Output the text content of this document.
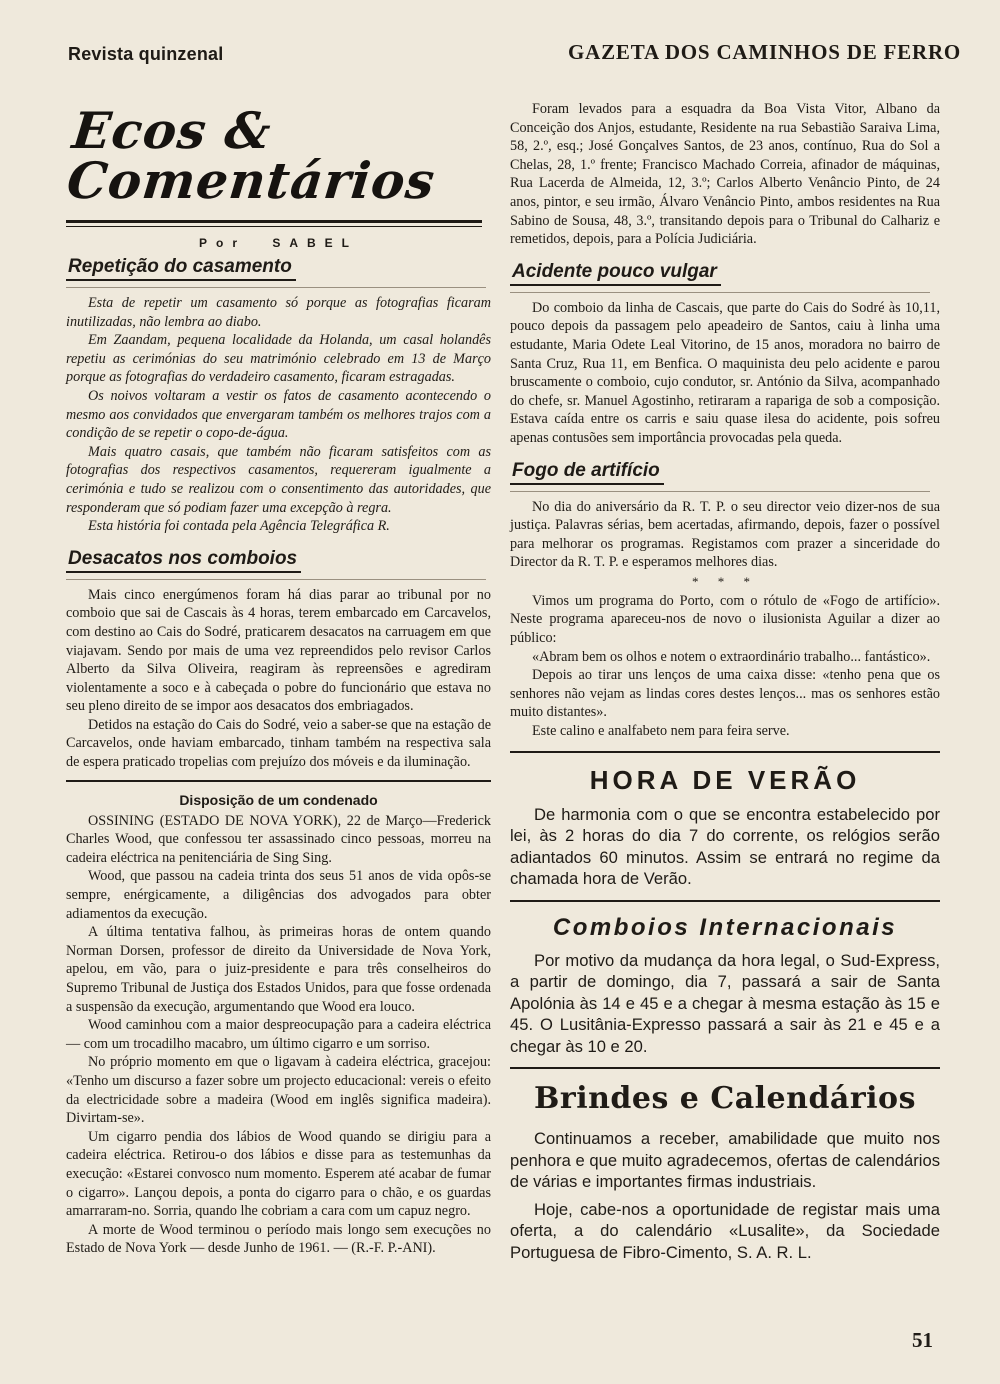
Revista quinzenal	GAZETA DOS CAMINHOS DE FERRO
Ecos & Comentários
Por SABEL
Repetição do casamento

Esta de repetir um casamento só porque as fotografias ficaram inutilizadas, não lembra ao diabo.

Em Zaandam, pequena localidade da Holanda, um casal holandês repetiu as cerimónias do seu matrimónio celebrado em 13 de Março porque as fotografias do verdadeiro casamento, ficaram estragadas.

Os noivos voltaram a vestir os fatos de casamento acontecendo o mesmo aos convidados que envergaram também os melhores trajos com a condição de se repetir o copo-de-água.

Mais quatro casais, que também não ficaram satisfeitos com as fotografias dos respectivos casamentos, requereram igualmente a cerimónia e tudo se realizou com o consentimento das autoridades, que responderam que só podiam fazer uma excepção à regra.

Esta história foi contada pela Agência Telegráfica R.

Desacatos nos comboios

Mais cinco energúmenos foram há dias parar ao tribunal por no comboio que sai de Cascais às 4 horas, terem embarcado em Carcavelos, com destino ao Cais do Sodré, praticarem desacatos na carruagem em que viajavam. Sendo por mais de uma vez repreendidos pelo revisor Carlos Alberto da Silva Oliveira, reagiram às repreensões e agrediram violentamente a soco e à cabeçada o pobre do funcionário que estava no seu pleno direito de se impor aos desacatos dos embriagados.

Detidos na estação do Cais do Sodré, veio a saber-se que na estação de Carcavelos, onde haviam embarcado, tinham também na respectiva sala de espera praticado tropelias com prejuízo dos móveis e da iluminação.

Disposição de um condenado

OSSINING (ESTADO DE NOVA YORK), 22 de Março—Frederick Charles Wood, que confessou ter assassinado cinco pessoas, morreu na cadeira eléctrica na penitenciária de Sing Sing.

Wood, que passou na cadeia trinta dos seus 51 anos de vida opôs-se sempre, enérgicamente, a diligências dos advogados para obter adiamentos da execução.

A última tentativa falhou, às primeiras horas de ontem quando Norman Dorsen, professor de direito da Universidade de Nova York, apelou, em vão, para o juiz-presidente e para três conselheiros do Supremo Tribunal de Justiça dos Estados Unidos, para que fosse ordenada a suspensão da execução, argumentando que Wood era louco.

Wood caminhou com a maior despreocupação para a cadeira eléctrica — com um trocadilho macabro, um último cigarro e um sorriso.

No próprio momento em que o ligavam à cadeira eléctrica, gracejou: «Tenho um discurso a fazer sobre um projecto educacional: vereis o efeito da electricidade sobre a madeira (Wood em inglês significa madeira). Divirtam-se».

Um cigarro pendia dos lábios de Wood quando se dirigiu para a cadeira eléctrica. Retirou-o dos lábios e disse para as testemunhas da execução: «Estarei convosco num momento. Esperem até acabar de fumar o cigarro». Lançou depois, a ponta do cigarro para o chão, e os guardas amarraram-no. Sorria, quando lhe cobriam a cara com um capuz negro.

A morte de Wood terminou o período mais longo sem execuções no Estado de Nova York — desde Junho de 1961. — (R.-F. P.-ANI).

Foram levados para a esquadra da Boa Vista Vitor, Albano da Conceição dos Anjos, estudante, Residente na rua Sebastião Saraiva Lima, 58, 2.º, esq.; José Gonçalves Santos, de 23 anos, contínuo, Rua do Sol a Chelas, 28, 1.º frente; Francisco Machado Correia, afinador de máquinas, Rua Lacerda de Almeida, 12, 3.º; Carlos Alberto Venâncio Pinto, de 24 anos, pintor, e seu irmão, Álvaro Venâncio Pinto, ambos residentes na Rua Sabino de Sousa, 48, 3.º, transitando depois para o Tribunal do Calhariz e remetidos, depois, para a Polícia Judiciária.

Acidente pouco vulgar

Do comboio da linha de Cascais, que parte do Cais do Sodré às 10,11, pouco depois da passagem pelo apeadeiro de Santos, caiu à linha uma estudante, Maria Odete Leal Vitorino, de 15 anos, moradora no bairro de Santa Cruz, Rua 11, em Benfica. O maquinista deu pelo acidente e parou bruscamente o comboio, cujo condutor, sr. António da Silva, acompanhado do chefe, sr. Manuel Agostinho, retiraram a rapariga de sob a composição. Estava caída entre os carris e saiu quase ilesa do acidente, pois sofreu apenas contusões sem importância provocadas pela queda.

Fogo de artifício

No dia do aniversário da R. T. P. o seu director veio dizer-nos de sua justiça. Palavras sérias, bem acertadas, afirmando, depois, fazer o possível para melhorar os programas. Registamos com prazer a sinceridade do Director da R. T. P. e esperamos melhores dias.

* * *

Vimos um programa do Porto, com o rótulo de «Fogo de artifício». Neste programa apareceu-nos de novo o ilusionista Aguilar a dizer ao público:

«Abram bem os olhos e notem o extraordinário trabalho... fantástico».

Depois ao tirar uns lenços de uma caixa disse: «tenho pena que os senhores não vejam as lindas cores destes lenços... mas os senhores estão muito distantes».

Este calino e analfabeto nem para feira serve.

HORA DE VERÃO

De harmonia com o que se encontra estabelecido por lei, às 2 horas do dia 7 do corrente, os relógios serão adiantados 60 minutos. Assim se entrará no regime da chamada hora de Verão.

Comboios Internacionais

Por motivo da mudança da hora legal, o Sud-Express, a partir de domingo, dia 7, passará a sair de Santa Apolónia às 14 e 45 e a chegar à mesma estação às 15 e 45. O Lusitânia-Expresso passará a sair às 21 e 45 e a chegar às 10 e 20.

Brindes e Calendários

Continuamos a receber, amabilidade que muito nos penhora e que muito agradecemos, ofertas de calendários de várias e importantes firmas industriais.

Hoje, cabe-nos a oportunidade de registar mais uma oferta, a do calendário «Lusalite», da Sociedade Portuguesa de Fibro-Cimento, S. A. R. L.

51
